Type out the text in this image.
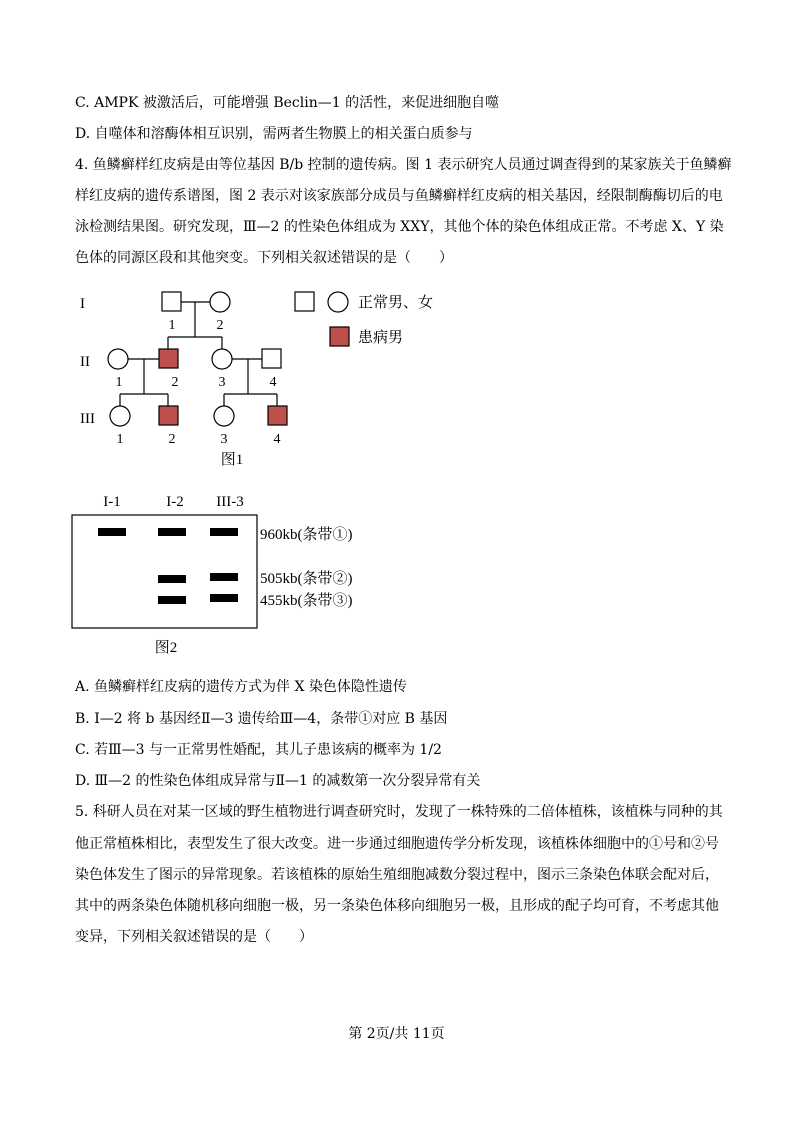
C. AMPK 被激活后，可能增强 Beclin—1 的活性，来促进细胞自噬
D. 自噬体和溶酶体相互识别，需两者生物膜上的相关蛋白质参与
4. 鱼鳞癣样红皮病是由等位基因 B/b 控制的遗传病。图 1 表示研究人员通过调查得到的某家族关于鱼鳞癣
样红皮病的遗传系谱图，图 2 表示对该家族部分成员与鱼鳞癣样红皮病的相关基因，经限制酶酶切后的电
泳检测结果图。研究发现，Ⅲ—2 的性染色体组成为 XXY，其他个体的染色体组成正常。不考虑 X、Y 染
色体的同源区段和其他突变。下列相关叙述错误的是（　　）
I
II
III
1	2
1	2	3	4
1	2	3	4
图1
正常男、女
患病男
I-1	I-2 III-3
960kb(条带①)
505kb(条带②)
455kb(条带③)
图2
A. 鱼鳞癣样红皮病的遗传方式为伴 X 染色体隐性遗传
B. Ⅰ—2 将 b 基因经Ⅱ—3 遗传给Ⅲ—4，条带①对应 B 基因
C. 若Ⅲ—3 与一正常男性婚配，其儿子患该病的概率为 1/2
D. Ⅲ—2 的性染色体组成异常与Ⅱ—1 的减数第一次分裂异常有关
5. 科研人员在对某一区域的野生植物进行调查研究时，发现了一株特殊的二倍体植株，该植株与同种的其
他正常植株相比，表型发生了很大改变。进一步通过细胞遗传学分析发现，该植株体细胞中的①号和②号
染色体发生了图示的异常现象。若该植株的原始生殖细胞减数分裂过程中，图示三条染色体联会配对后，
其中的两条染色体随机移向细胞一极，另一条染色体移向细胞另一极，且形成的配子均可育，不考虑其他
变异，下列相关叙述错误的是（　　）
第 2页/共 11页
